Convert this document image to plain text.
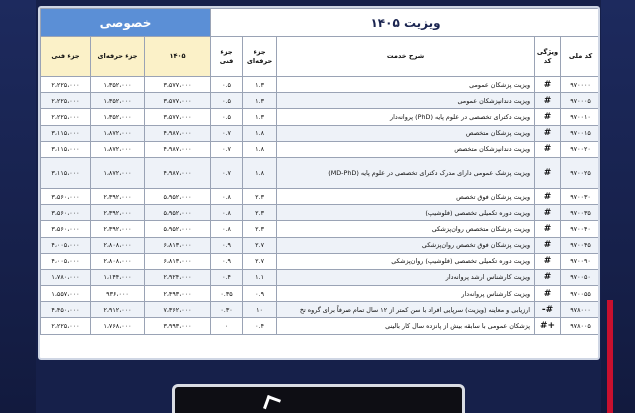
ویزیت ۱۴۰۵					خصوصی		
کد ملی	ویژگی کد	شرح خدمت	جزء حرفه‌ای	جزء فنی	۱۴۰۵	جزء حرفه‌ای	جزء فنی
۹۷۰۰۰۰	#	ویزیت پزشکان عمومی	۱.۳	۰.۵	۳،۵۷۷،۰۰۰	۱،۳۵۲،۰۰۰	۲،۲۲۵،۰۰۰
۹۷۰۰۰۵	#	ویزیت دندانپزشکان عمومی	۱.۳	۰.۵	۳،۵۷۷،۰۰۰	۱،۳۵۲،۰۰۰	۲،۲۲۵،۰۰۰
۹۷۰۰۱۰	#	ویزیت دکترای تخصصی در علوم پایه (PhD) پروانه‌دار	۱.۳	۰.۵	۳،۵۷۷،۰۰۰	۱،۳۵۲،۰۰۰	۲،۲۲۵،۰۰۰
۹۷۰۰۱۵	#	ویزیت پزشکان متخصص	۱.۸	۰.۷	۴،۹۸۷،۰۰۰	۱،۸۷۲،۰۰۰	۳،۱۱۵،۰۰۰
۹۷۰۰۲۰	#	ویزیت دندانپزشکان متخصص	۱.۸	۰.۷	۴،۹۸۷،۰۰۰	۱،۸۷۲،۰۰۰	۳،۱۱۵،۰۰۰
۹۷۰۰۲۵	#	ویزیت پزشک عمومی دارای مدرک دکترای تخصصی در علوم پایه (MD-PhD)	۱.۸	۰.۷	۴،۹۸۷،۰۰۰	۱،۸۷۲،۰۰۰	۳،۱۱۵،۰۰۰
۹۷۰۰۳۰	#	ویزیت پزشکان فوق تخصص	۲.۳	۰.۸	۵،۹۵۲،۰۰۰	۲،۳۹۲،۰۰۰	۳،۵۶۰،۰۰۰
۹۷۰۰۳۵	#	ویزیت دوره تکمیلی تخصصی (فلوشیپ)	۲.۳	۰.۸	۵،۹۵۲،۰۰۰	۲،۳۹۲،۰۰۰	۳،۵۶۰،۰۰۰
۹۷۰۰۴۰	#	ویزیت پزشکان متخصص روان‌پزشکی	۲.۳	۰.۸	۵،۹۵۲،۰۰۰	۲،۳۹۲،۰۰۰	۳،۵۶۰،۰۰۰
۹۷۰۰۴۵	#	ویزیت پزشکان فوق تخصص روان‌پزشکی	۲.۷	۰.۹	۶،۸۱۳،۰۰۰	۲،۸۰۸،۰۰۰	۴،۰۰۵،۰۰۰
۹۷۰۰۹۰	#	ویزیت دوره تکمیلی تخصصی (فلوشیپ) روان‌پزشکی	۲.۷	۰.۹	۶،۸۱۳،۰۰۰	۲،۸۰۸،۰۰۰	۴،۰۰۵،۰۰۰
۹۷۰۰۵۰	#	ویزیت کارشناس ارشد پروانه‌دار	۱.۱	۰.۴	۲،۹۲۴،۰۰۰	۱،۱۴۴،۰۰۰	۱،۷۸۰،۰۰۰
۹۷۰۰۵۵	#	ویزیت کارشناس پروانه‌دار	۰.۹	۰.۳۵	۲،۴۹۳،۰۰۰	۹۳۶،۰۰۰	۱،۵۵۷،۰۰۰
۹۷۸۰۰۰	#-	ارزیابی و معاینه (ویزیت) سرپایی افراد با سن کمتر از ۱۲ سال تمام صرفاً برای گروه تخ	۱۰	۰.۳۰	۷،۳۶۲،۰۰۰	۲،۹۱۲،۰۰۰	۴،۴۵۰،۰۰۰
۹۷۸۰۰۵	+#	پزشکان عمومی با سابقه بیش از پانزده سال کار بالینی	۰.۴	۰	۳،۹۹۳،۰۰۰	۱،۷۶۸،۰۰۰	۲،۲۲۵،۰۰۰
